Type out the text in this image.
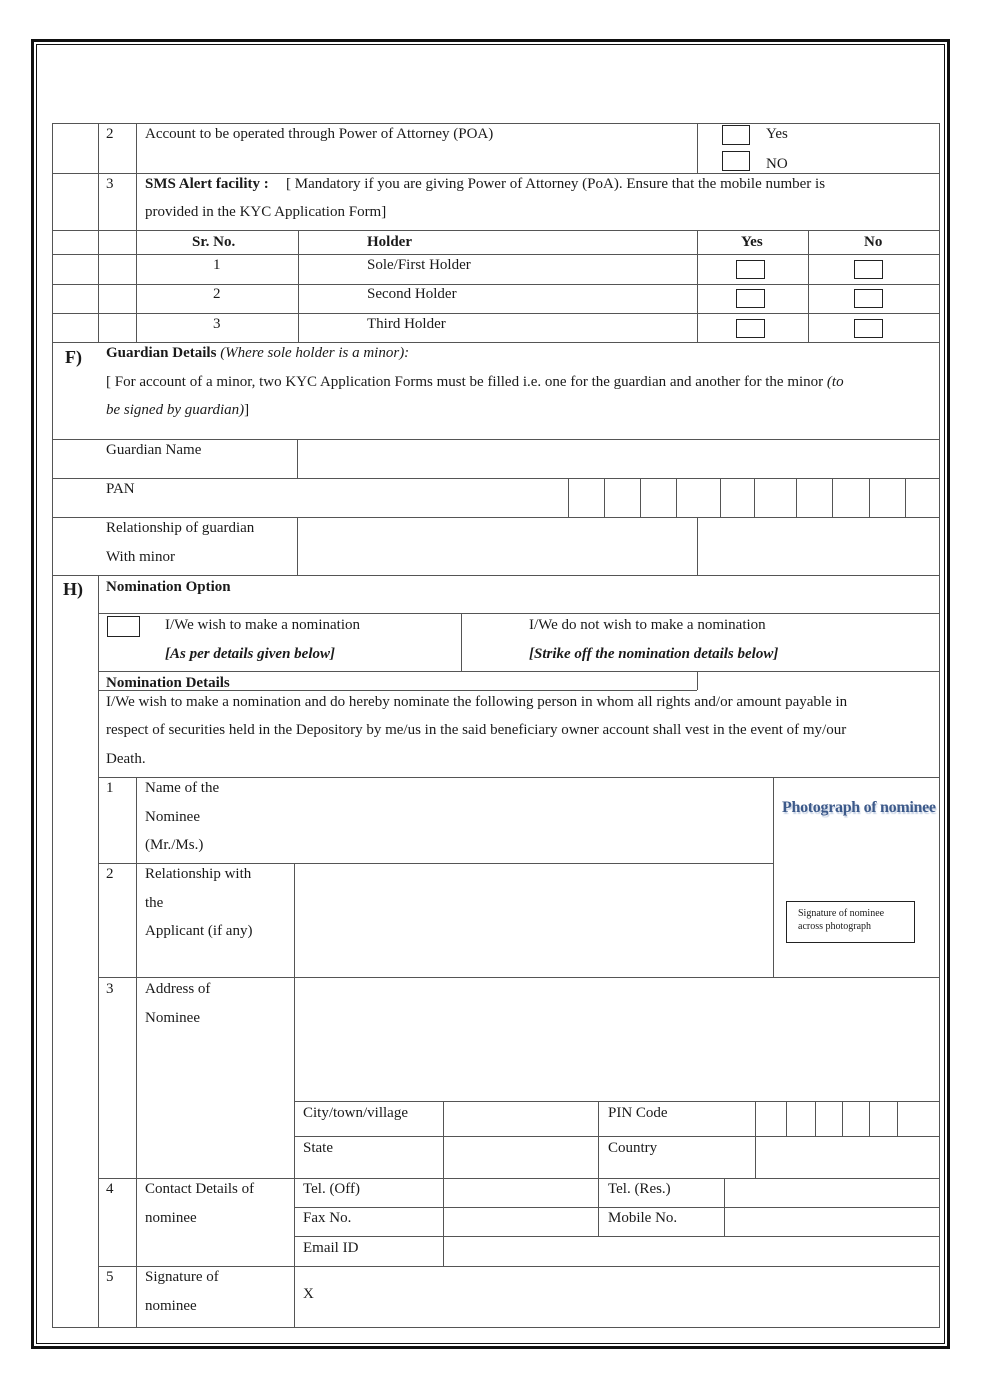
2 Account to be operated through Power of Attorney (POA)	Yes
NO
3 SMS Alert facility : [ Mandatory if you are giving Power of Attorney (PoA). Ensure that the mobile number is
provided in the KYC Application Form]
Sr. No.	Holder	Yes	No
1	Sole/First Holder
2	Second Holder
3	Third Holder
F) Guardian Details (Where sole holder is a minor):
[ For account of a minor, two KYC Application Forms must be filled i.e. one for the guardian and another for the minor (to
be signed by guardian)]
Guardian Name
PAN
Relationship of guardian
With minor
H) Nomination Option
I/We wish to make a nomination
[As per details given below]
I/We do not wish to make a nomination
[Strike off the nomination details below]
Nomination Details
I/We wish to make a nomination and do hereby nominate the following person in whom all rights and/or amount payable in
respect of securities held in the Depository by me/us in the said beneficiary owner account shall vest in the event of my/our
Death.
1 Name of the
Nominee
(Mr./Ms.)
Photograph of nominee
Signature of nominee
across photograph
2 Relationship with
the
Applicant (if any)
3 Address of
Nominee
City/town/village	PIN Code
State	Country
4 Contact Details of
nominee
Tel. (Off)	Tel. (Res.)
Fax No.	Mobile No.
Email ID
5 Signature of
nominee
X
